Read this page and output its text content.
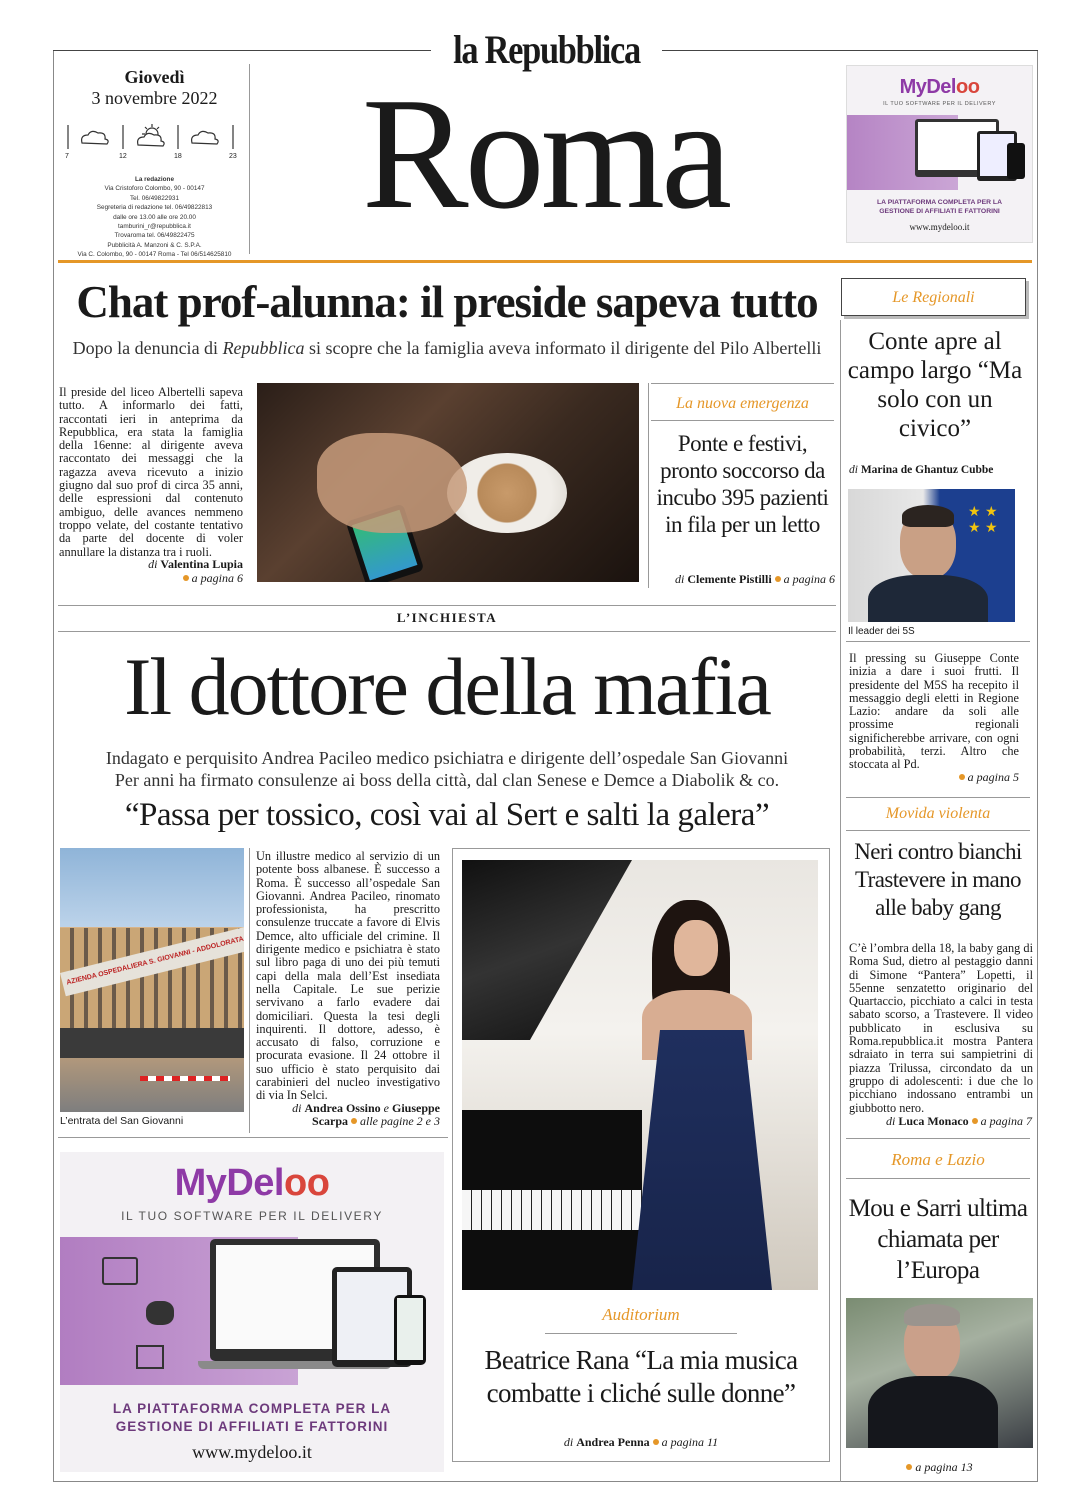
la Repubblica
Roma
Giovedì
3 novembre 2022
7	12	18	23
La redazione
Via Cristoforo Colombo, 90 - 00147
Tel. 06/49822931
Segreteria di redazione tel. 06/49822813
dalle ore 13.00 alle ore 20.00
tamburini_r@repubblica.it
Trovaroma tel. 06/49822475
Pubblicità A. Manzoni & C. S.P.A.
Via C. Colombo, 90 - 00147 Roma - Tel 06/514625810
MyDeloo
IL TUO SOFTWARE PER IL DELIVERY
LA PIATTAFORMA COMPLETA PER LA GESTIONE DI AFFILIATI E FATTORINI
www.mydeloo.it
Chat prof-alunna: il preside sapeva tutto
Dopo la denuncia di Repubblica si scopre che la famiglia aveva informato il dirigente del Pilo Albertelli
Il preside del liceo Albertelli sapeva tutto. A informarlo dei fatti, raccontati ieri in anteprima da Repubblica, era stata la famiglia della 16enne: al dirigente aveva raccontato dei messaggi che la ragazza aveva ricevuto a inizio giugno dal suo prof di circa 35 anni, delle espressioni dal contenuto ambiguo, delle avances nemmeno troppo velate, del costante tentativo da parte del docente di voler annullare la distanza tra i ruoli.
di Valentina Lupia
a pagina 6
La nuova emergenza
Ponte e festivi, pronto soccorso da incubo 395 pazienti in fila per un letto
di Clemente Pistilli a pagina 6
Le Regionali
Conte apre al campo largo “Ma solo con un civico”
di Marina de Ghantuz Cubbe
★ ★
★ ★
Il leader dei 5S
Il pressing su Giuseppe Conte inizia a dare i suoi frutti. Il presidente del M5S ha recepito il messaggio degli eletti in Regione Lazio: andare da soli alle prossime regionali significherebbe arrivare, con ogni probabilità, terzi. Altro che stoccata al Pd.
a pagina 5
L’INCHIESTA
Il dottore della mafia
Indagato e perquisito Andrea Pacileo medico psichiatra e dirigente dell’ospedale San Giovanni
Per anni ha firmato consulenze ai boss della città, dal clan Senese e Demce a Diabolik & co.
“Passa per tossico, così vai al Sert e salti la galera”
AZIENDA OSPEDALIERA S. GIOVANNI - ADDOLORATA
L’entrata del San Giovanni
Un illustre medico al servizio di un potente boss albanese. È successo a Roma. È successo all’ospedale San Giovanni. Andrea Pacileo, rinomato professionista, ha prescritto consulenze truccate a favore di Elvis Demce, alto ufficiale del crimine. Il dirigente medico e psichiatra è stato sul libro paga di uno dei più temuti capi della mala dell’Est insediata nella Capitale. Le sue perizie servivano a farlo evadere dai domiciliari. Questa la tesi degli inquirenti. Il dottore, adesso, è accusato di falso, corruzione e procurata evasione. Il 24 ottobre il suo ufficio è stato perquisito dai carabinieri del nucleo investigativo di via In Selci.
di Andrea Ossino e Giuseppe Scarpa alle pagine 2 e 3
MyDeloo
IL TUO SOFTWARE PER IL DELIVERY
LA PIATTAFORMA COMPLETA PER LA
GESTIONE DI AFFILIATI E FATTORINI
www.mydeloo.it
Auditorium
Beatrice Rana “La mia musica combatte i cliché sulle donne”
di Andrea Penna a pagina 11
Movida violenta
Neri contro bianchi Trastevere in mano alle baby gang
C’è l’ombra della 18, la baby gang di Roma Sud, dietro al pestaggio danni di Simone “Pantera” Lopetti, il 55enne senzatetto originario del Quartaccio, picchiato a calci in testa sabato scorso, a Trastevere. Il video pubblicato in esclusiva su Roma.repubblica.it mostra Pantera sdraiato in terra sui sampietrini di piazza Trilussa, circondato da un gruppo di adolescenti: i due che lo picchiano indossano entrambi un giubbotto nero.
di Luca Monaco a pagina 7
Roma e Lazio
Mou e Sarri ultima chiamata per l’Europa
a pagina 13
